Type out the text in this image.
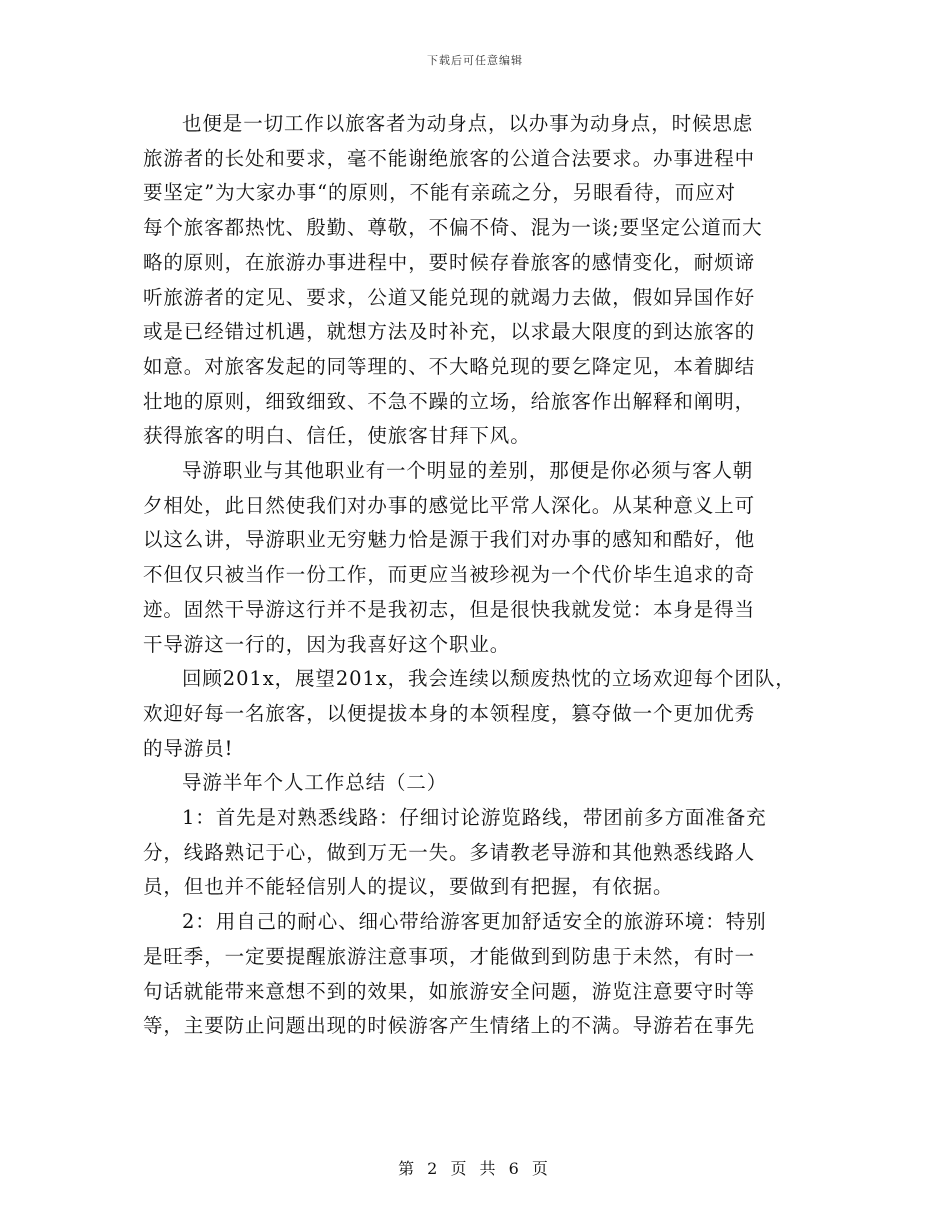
下载后可任意编辑

也便是一切工作以旅客者为动身点，以办事为动身点，时候思虑
旅游者的长处和要求，毫不能谢绝旅客的公道合法要求。办事进程中
要坚定”为大家办事“的原则，不能有亲疏之分，另眼看待，而应对
每个旅客都热忱、殷勤、尊敬，不偏不倚、混为一谈;要坚定公道而大
略的原则，在旅游办事进程中，要时候存眷旅客的感情变化，耐烦谛
听旅游者的定见、要求，公道又能兑现的就竭力去做，假如异国作好
或是已经错过机遇，就想方法及时补充，以求最大限度的到达旅客的
如意。对旅客发起的同等理的、不大略兑现的要乞降定见，本着脚结
壮地的原则，细致细致、不急不躁的立场，给旅客作出解释和阐明，
获得旅客的明白、信任，使旅客甘拜下风。

导游职业与其他职业有一个明显的差别，那便是你必须与客人朝
夕相处，此日然使我们对办事的感觉比平常人深化。从某种意义上可
以这么讲，导游职业无穷魅力恰是源于我们对办事的感知和酷好，他
不但仅只被当作一份工作，而更应当被珍视为一个代价毕生追求的奇
迹。固然干导游这行并不是我初志，但是很快我就发觉：本身是得当
干导游这一行的，因为我喜好这个职业。

回顾201x，展望201x，我会连续以颓废热忱的立场欢迎每个团队，
欢迎好每一名旅客，以便提拔本身的本领程度，篡夺做一个更加优秀
的导游员!

导游半年个人工作总结（二）

1：首先是对熟悉线路：仔细讨论游览路线，带团前多方面准备充
分，线路熟记于心，做到万无一失。多请教老导游和其他熟悉线路人
员，但也并不能轻信别人的提议，要做到有把握，有依据。

2：用自己的耐心、细心带给游客更加舒适安全的旅游环境：特别
是旺季，一定要提醒旅游注意事项，才能做到到防患于未然，有时一
句话就能带来意想不到的效果，如旅游安全问题，游览注意要守时等
等，主要防止问题出现的时候游客产生情绪上的不满。导游若在事先

第 2 页 共 6 页
